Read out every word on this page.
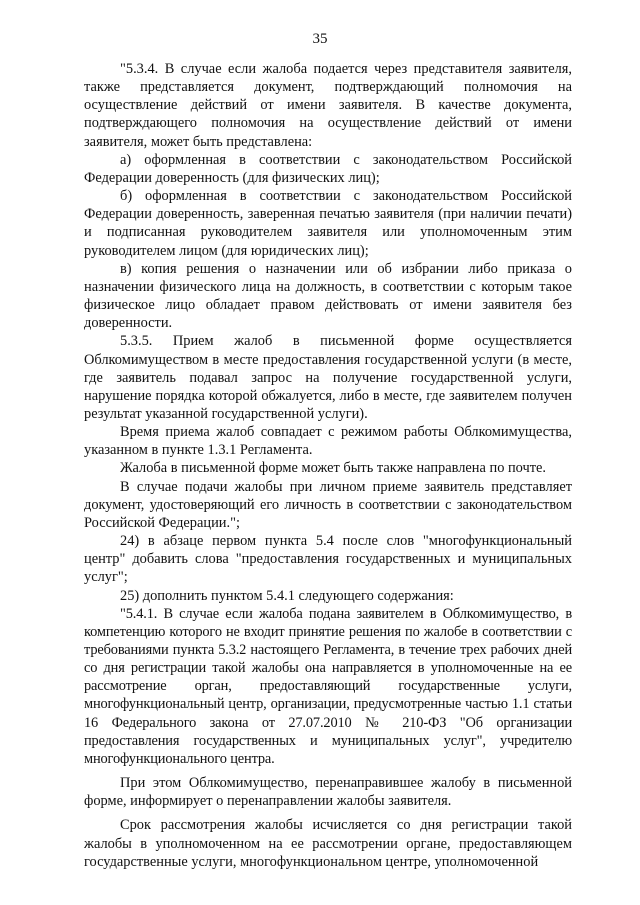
35

"5.3.4. В случае если жалоба подается через представителя заявителя, также представляется документ, подтверждающий полномочия на осуществление действий от имени заявителя. В качестве документа, подтверждающего полномочия на осуществление действий от имени заявителя, может быть представлена:

а) оформленная в соответствии с законодательством Российской Федерации доверенность (для физических лиц);

б) оформленная в соответствии с законодательством Российской Федерации доверенность, заверенная печатью заявителя (при наличии печати) и подписанная руководителем заявителя или уполномоченным этим руководителем лицом (для юридических лиц);

в) копия решения о назначении или об избрании либо приказа о назначении физического лица на должность, в соответствии с которым такое физическое лицо обладает правом действовать от имени заявителя без доверенности.

5.3.5. Прием жалоб в письменной форме осуществляется Облкомимуществом в месте предоставления государственной услуги (в месте, где заявитель подавал запрос на получение государственной услуги, нарушение порядка которой обжалуется, либо в месте, где заявителем получен результат указанной государственной услуги).

Время приема жалоб совпадает с режимом работы Облкомимущества, указанном в пункте 1.3.1 Регламента.

Жалоба в письменной форме может быть также направлена по почте.

В случае подачи жалобы при личном приеме заявитель представляет документ, удостоверяющий его личность в соответствии с законодательством Российской Федерации.";

24) в абзаце первом пункта 5.4 после слов "многофункциональный центр" добавить слова "предоставления государственных и муниципальных услуг";

25) дополнить пунктом 5.4.1 следующего содержания:

"5.4.1. В случае если жалоба подана заявителем в Облкомимущество, в компетенцию которого не входит принятие решения по жалобе в соответствии с требованиями пункта 5.3.2 настоящего Регламента, в течение трех рабочих дней со дня регистрации такой жалобы она направляется в уполномоченные на ее рассмотрение орган, предоставляющий государственные услуги, многофункциональный центр, организации, предусмотренные частью 1.1 статьи 16 Федерального закона от 27.07.2010 № 210-ФЗ "Об организации предоставления государственных и муниципальных услуг", учредителю многофункционального центра.

При этом Облкомимущество, перенаправившее жалобу в письменной форме, информирует о перенаправлении жалобы заявителя.

Срок рассмотрения жалобы исчисляется со дня регистрации такой жалобы в уполномоченном на ее рассмотрении органе, предоставляющем государственные услуги, многофункциональном центре, уполномоченной
